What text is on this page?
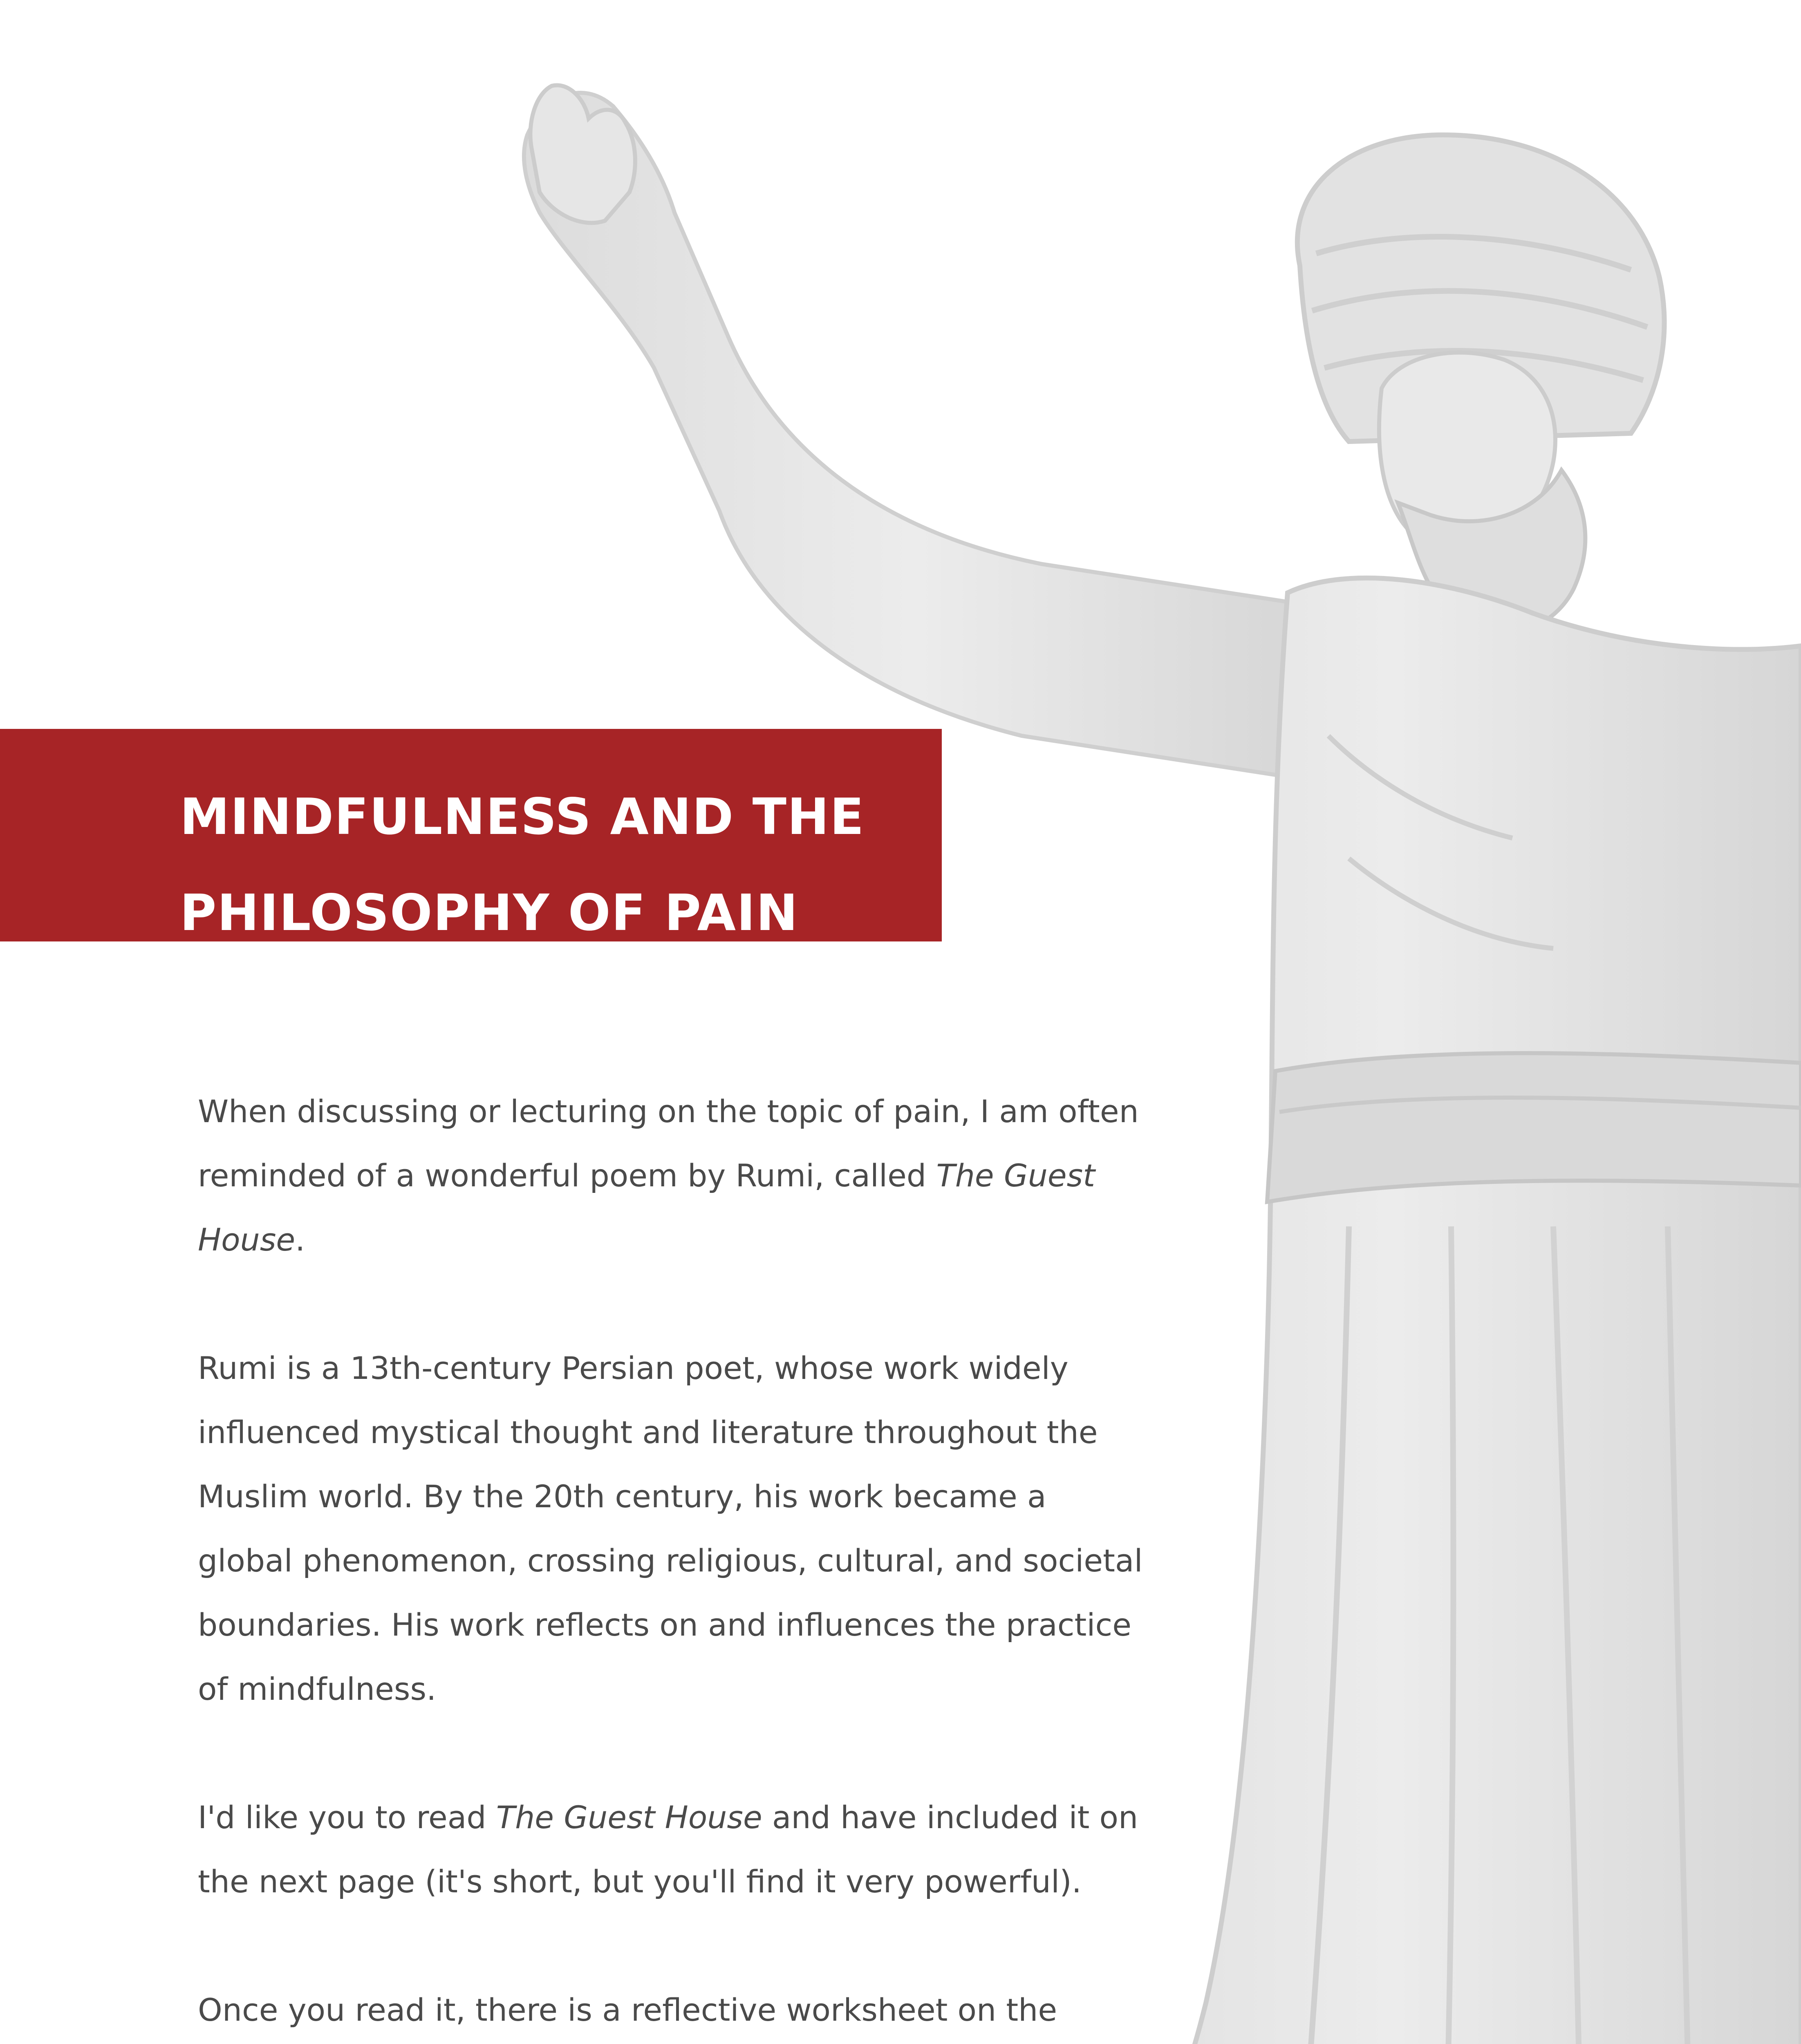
MINDFULNESS AND THE
PHILOSOPHY OF PAIN

When discussing or lecturing on the topic of pain, I am often reminded of a wonderful poem by Rumi, called The Guest House.

Rumi is a 13th-century Persian poet, whose work widely influenced mystical thought and literature throughout the Muslim world. By the 20th century, his work became a global phenomenon, crossing religious, cultural, and societal boundaries. His work reflects on and influences the practice of mindfulness.

I'd like you to read The Guest House and have included it on the next page (it's short, but you'll find it very powerful).

Once you read it, there is a reflective worksheet on the
